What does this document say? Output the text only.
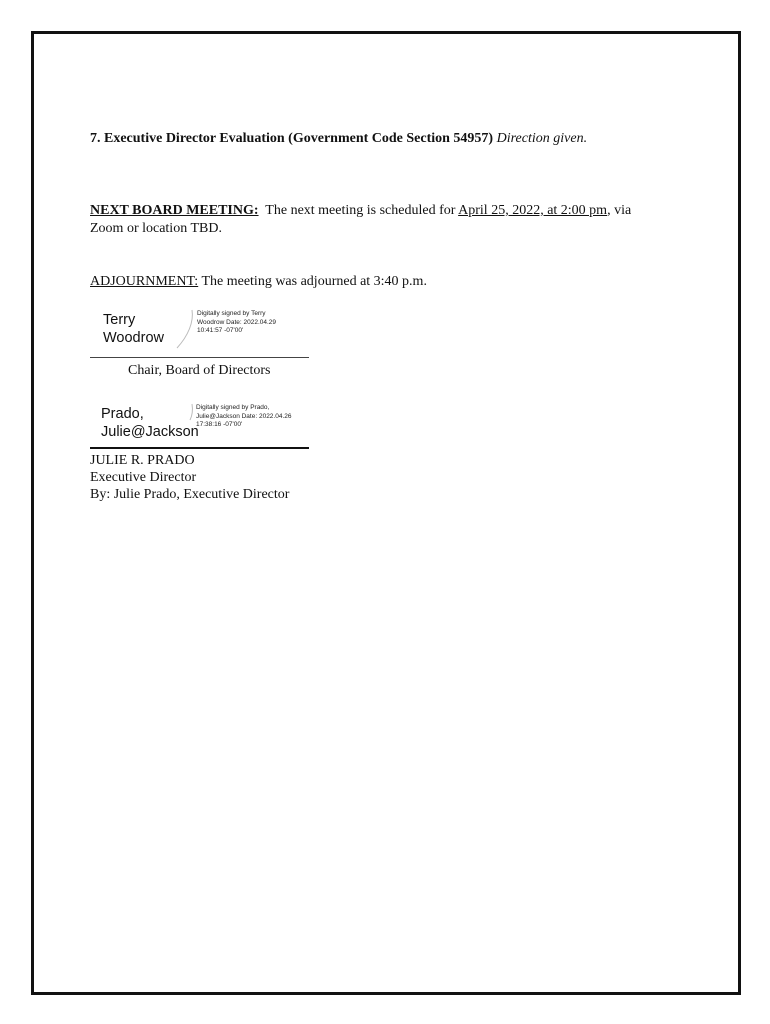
7. Executive Director Evaluation (Government Code Section 54957) Direction given.
NEXT BOARD MEETING: The next meeting is scheduled for April 25, 2022, at 2:00 pm, via
Zoom or location TBD.
ADJOURNMENT: The meeting was adjourned at 3:40 p.m.
Terry
Woodrow
Digitally signed by Terry Woodrow Date: 2022.04.29 10:41:57 -07'00'
Chair, Board of Directors
Prado,
Julie@Jackson
Digitally signed by Prado, Julie@Jackson Date: 2022.04.26 17:38:16 -07'00'
JULIE R. PRADO
Executive Director
By: Julie Prado, Executive Director
